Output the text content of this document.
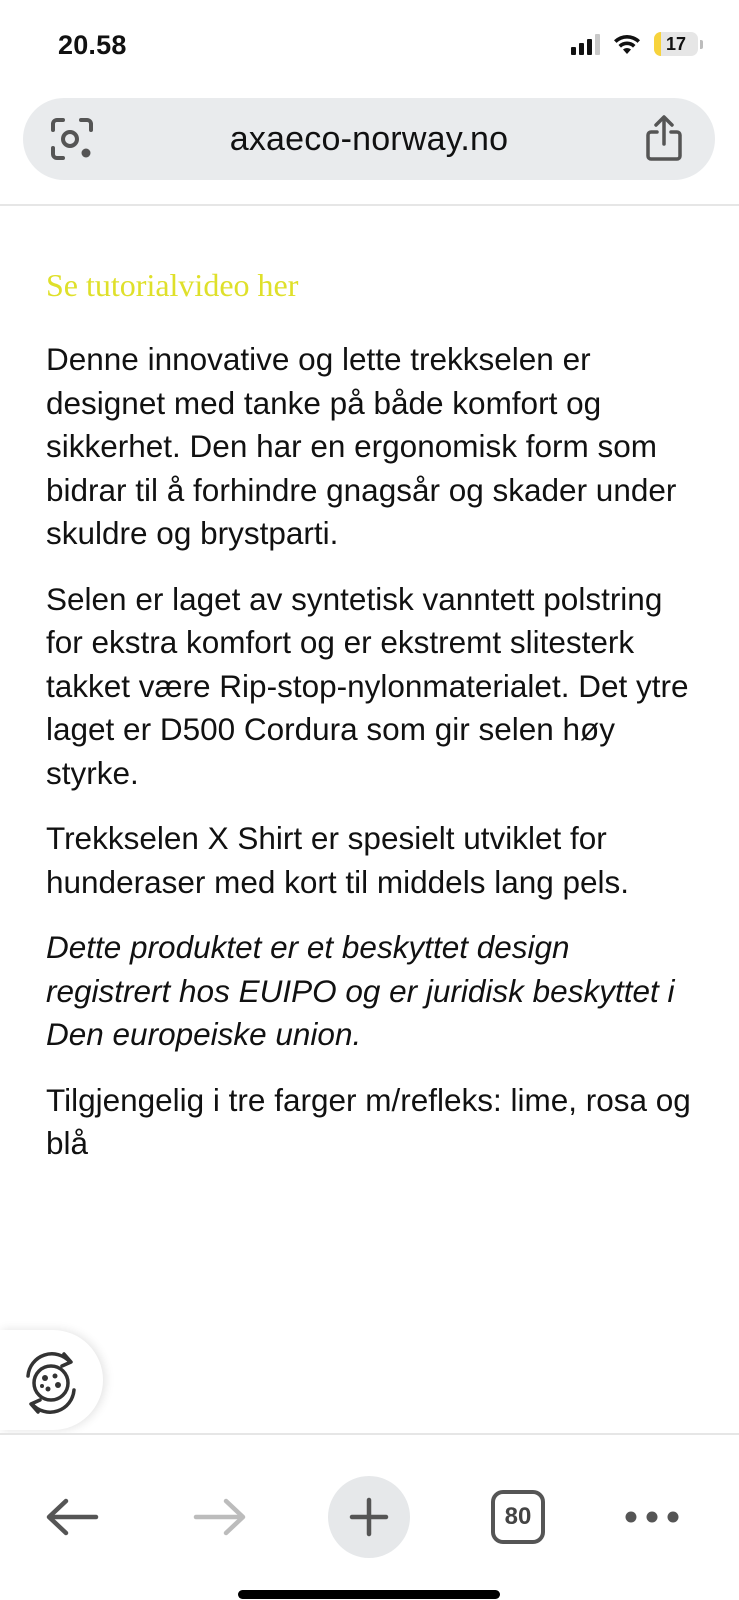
20.58	17
axaeco-norway.no
Se tutorialvideo her

Denne innovative og lette trekkselen er designet med tanke på både komfort og sikkerhet. Den har en ergonomisk form som bidrar til å forhindre gnagsår og skader under skuldre og brystparti.

Selen er laget av syntetisk vanntett polstring for ekstra komfort og er ekstremt slitesterk takket være Rip-stop-nylonmaterialet. Det ytre laget er D500 Cordura som gir selen høy styrke.

Trekkselen X Shirt er spesielt utviklet for hunderaser med kort til middels lang pels.

Dette produktet er et beskyttet design registrert hos EUIPO og er juridisk beskyttet i Den europeiske union.

Tilgjengelig i tre farger m/refleks: lime, rosa og blå

80
